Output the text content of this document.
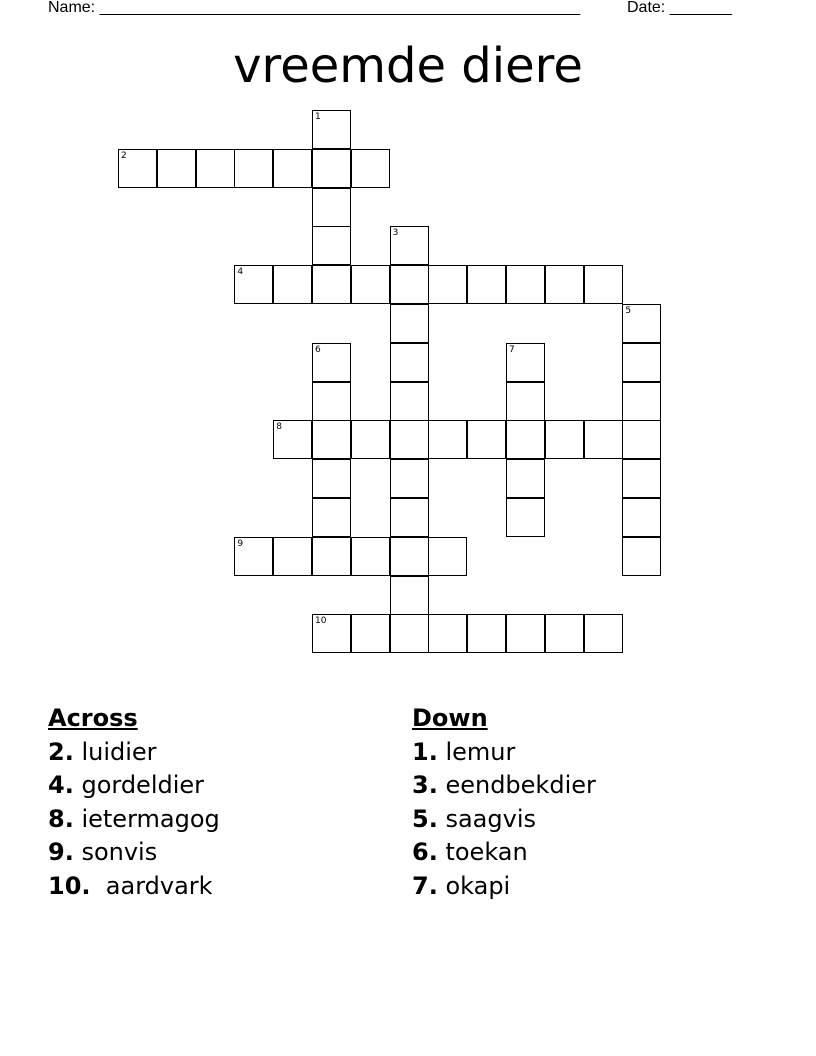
Name: ______________________________________________________	Date: _______
vreemde diere
1
2
3
4
5
6	7
8
9
10
Across
2. luidier
4. gordeldier
8. ietermagog
9. sonvis
10.  aardvark
Down
1. lemur
3. eendbekdier
5. saagvis
6. toekan
7. okapi
